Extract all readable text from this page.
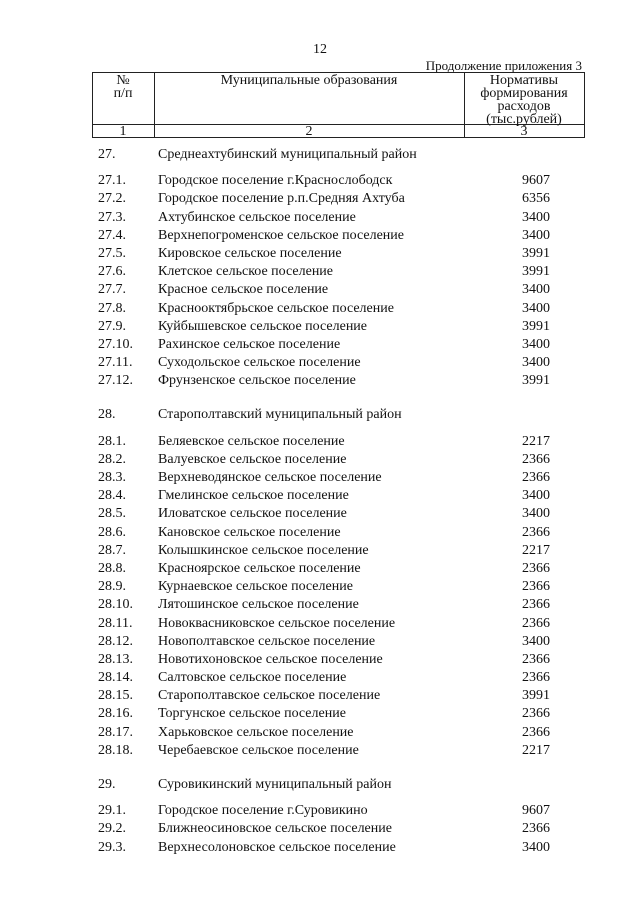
12
Продолжение приложения 3
№
п/п
Муниципальные образования	Нормативы
формирования
расходов
(тыс.рублей)
1	2	3
27.	Среднеахтубинский муниципальный район
27.1. Городское поселение г.Краснослободск	9607
27.2. Городское поселение р.п.Средняя Ахтуба	6356
27.3. Ахтубинское сельское поселение	3400
27.4. Верхнепогроменское сельское поселение	3400
27.5. Кировское сельское поселение	3991
27.6. Клетское сельское поселение	3991
27.7. Красное сельское поселение	3400
27.8. Краснооктябрьское сельское поселение	3400
27.9. Куйбышевское сельское поселение	3991
27.10. Рахинское сельское поселение	3400
27.11. Суходольское сельское поселение	3400
27.12. Фрунзенское сельское поселение	3991
28.	Старополтавский муниципальный район
28.1. Беляевское сельское поселение	2217
28.2. Валуевское сельское поселение	2366
28.3. Верхневодянское сельское поселение	2366
28.4. Гмелинское сельское поселение	3400
28.5. Иловатское сельское поселение	3400
28.6. Кановское сельское поселение	2366
28.7. Колышкинское сельское поселение	2217
28.8. Красноярское сельское поселение	2366
28.9. Курнаевское сельское поселение	2366
28.10. Лятошинское сельское поселение	2366
28.11. Новоквасниковское сельское поселение	2366
28.12. Новополтавское сельское поселение	3400
28.13. Новотихоновское сельское поселение	2366
28.14. Салтовское сельское поселение	2366
28.15. Старополтавское сельское поселение	3991
28.16. Торгунское сельское поселение	2366
28.17. Харьковское сельское поселение	2366
28.18. Черебаевское сельское поселение	2217
29.	Суровикинский муниципальный район
29.1. Городское поселение г.Суровикино	9607
29.2. Ближнеосиновское сельское поселение	2366
29.3. Верхнесолоновское сельское поселение	3400
